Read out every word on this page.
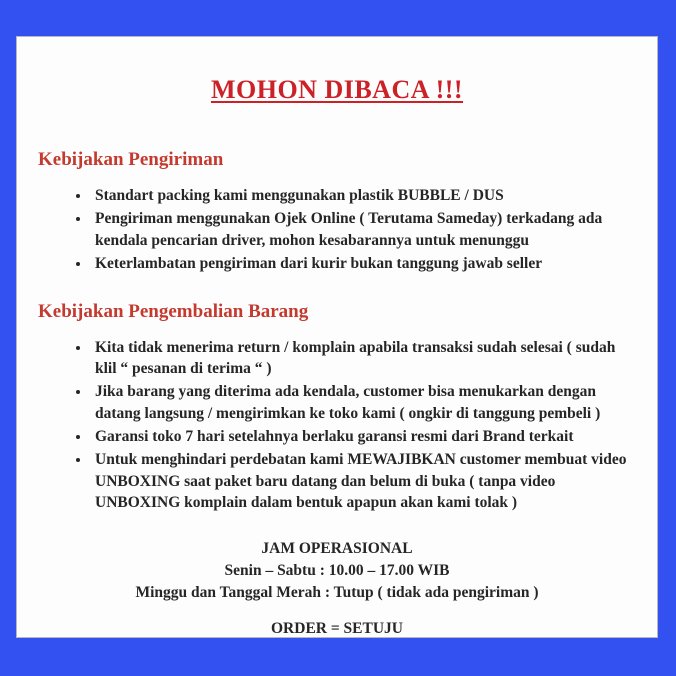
MOHON DIBACA !!!
Kebijakan Pengiriman
• Standart packing kami menggunakan plastik BUBBLE / DUS
• Pengiriman menggunakan Ojek Online ( Terutama Sameday) terkadang ada kendala pencarian driver, mohon kesabarannya untuk menunggu
• Keterlambatan pengiriman dari kurir bukan tanggung jawab seller
Kebijakan Pengembalian Barang
• Kita tidak menerima return / komplain apabila transaksi sudah selesai ( sudah klil “ pesanan di terima “ )
• Jika barang yang diterima ada kendala, customer bisa menukarkan dengan datang langsung / mengirimkan ke toko kami ( ongkir di tanggung pembeli )
• Garansi toko 7 hari setelahnya berlaku garansi resmi dari Brand terkait
• Untuk menghindari perdebatan kami MEWAJIBKAN customer membuat video UNBOXING saat paket baru datang dan belum di buka ( tanpa video UNBOXING komplain dalam bentuk apapun akan kami tolak )
JAM OPERASIONAL
Senin – Sabtu : 10.00 – 17.00 WIB
Minggu dan Tanggal Merah : Tutup ( tidak ada pengiriman )
ORDER = SETUJU
